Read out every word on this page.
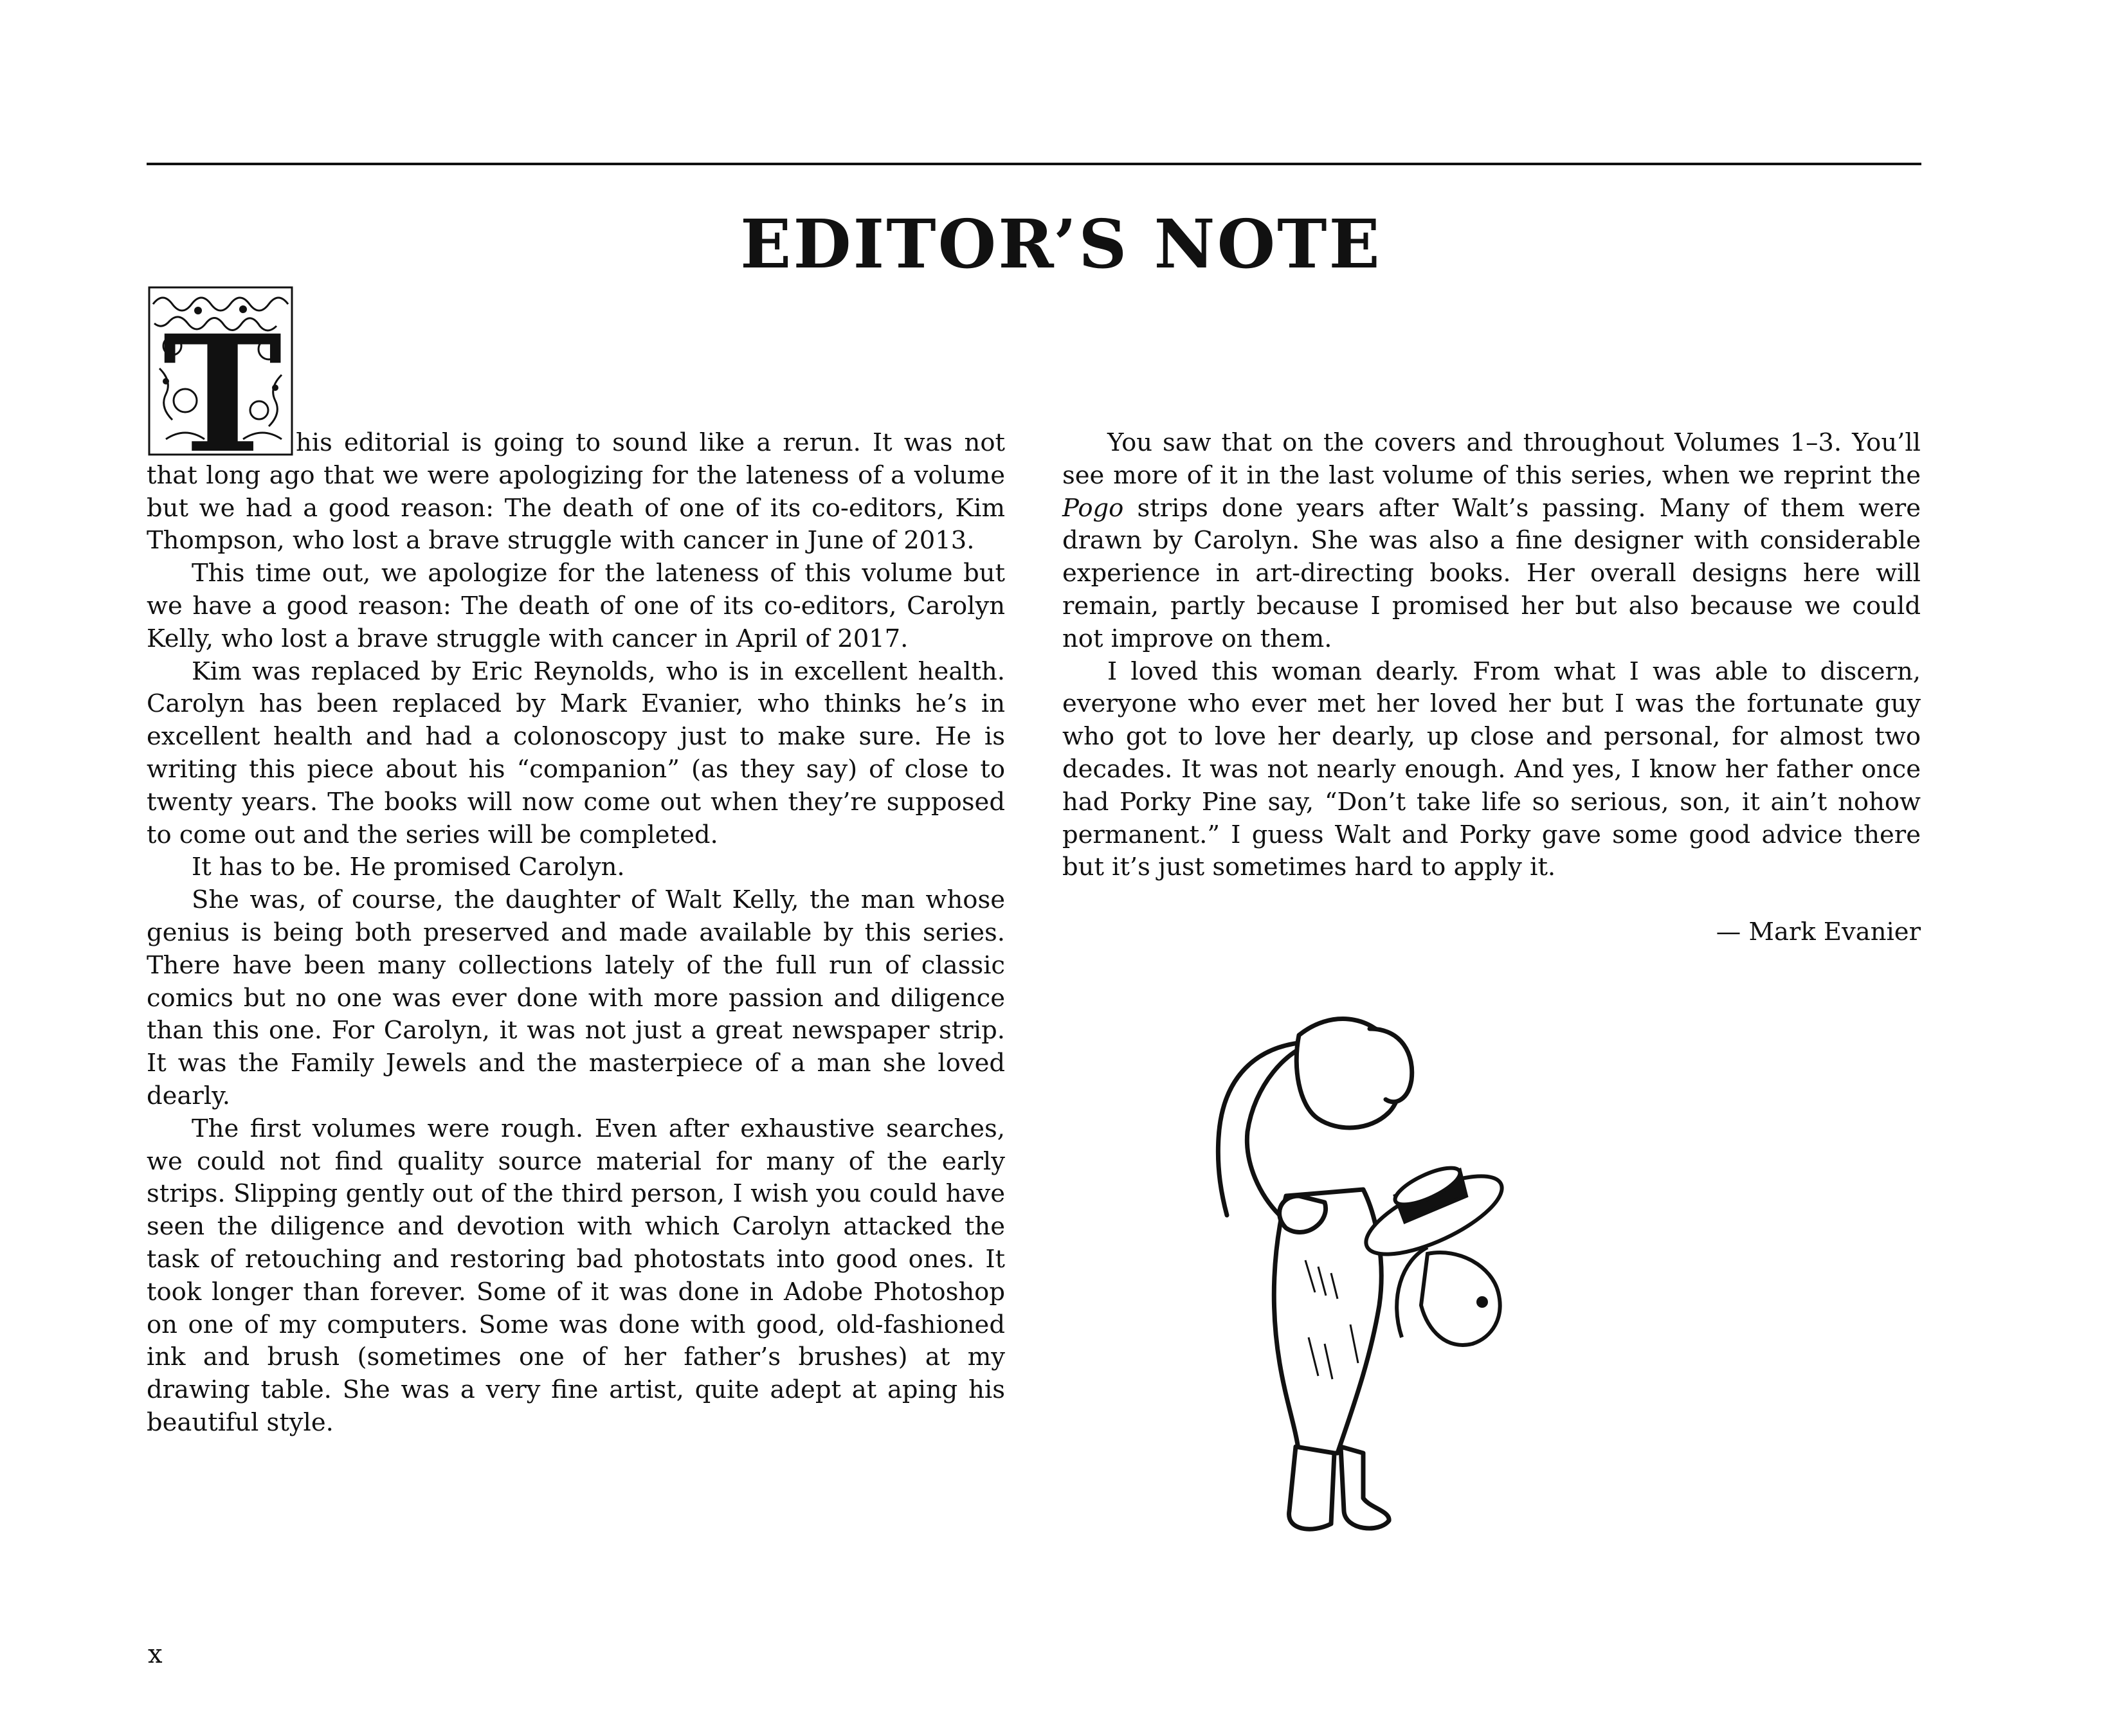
EDITOR’S NOTE
T his editorial is going to sound like a rerun. It was not that long ago that we were apologizing for the lateness of a volume but we had a good reason: The death of one of its co-editors, Kim Thompson, who lost a brave struggle with cancer in June of 2013.

This time out, we apologize for the lateness of this volume but we have a good reason: The death of one of its co-editors, Carolyn Kelly, who lost a brave struggle with cancer in April of 2017.

Kim was replaced by Eric Reynolds, who is in excellent health. Carolyn has been replaced by Mark Evanier, who thinks he’s in excellent health and had a colonoscopy just to make sure. He is writing this piece about his “companion” (as they say) of close to twenty years. The books will now come out when they’re supposed to come out and the series will be completed.

It has to be. He promised Carolyn.

She was, of course, the daughter of Walt Kelly, the man whose genius is being both preserved and made available by this series. There have been many collections lately of the full run of classic comics but no one was ever done with more passion and diligence than this one. For Carolyn, it was not just a great newspaper strip. It was the Family Jewels and the masterpiece of a man she loved dearly.

The first volumes were rough. Even after exhaustive searches, we could not find quality source material for many of the early strips. Slipping gently out of the third person, I wish you could have seen the diligence and devotion with which Carolyn attacked the task of retouching and restoring bad photostats into good ones. It took longer than forever. Some of it was done in Adobe Photoshop on one of my computers. Some was done with good, old-fashioned ink and brush (sometimes one of her father’s brushes) at my drawing table. She was a very fine artist, quite adept at aping his beautiful style.

You saw that on the covers and throughout Volumes 1–3. You’ll see more of it in the last volume of this series, when we reprint the Pogo strips done years after Walt’s passing. Many of them were drawn by Carolyn. She was also a fine designer with considerable experience in art-directing books. Her overall designs here will remain, partly because I promised her but also because we could not improve on them.

I loved this woman dearly. From what I was able to discern, everyone who ever met her loved her but I was the fortunate guy who got to love her dearly, up close and personal, for almost two decades. It was not nearly enough. And yes, I know her father once had Porky Pine say, “Don’t take life so serious, son, it ain’t nohow permanent.” I guess Walt and Porky gave some good advice there but it’s just sometimes hard to apply it.

— Mark Evanier

x
